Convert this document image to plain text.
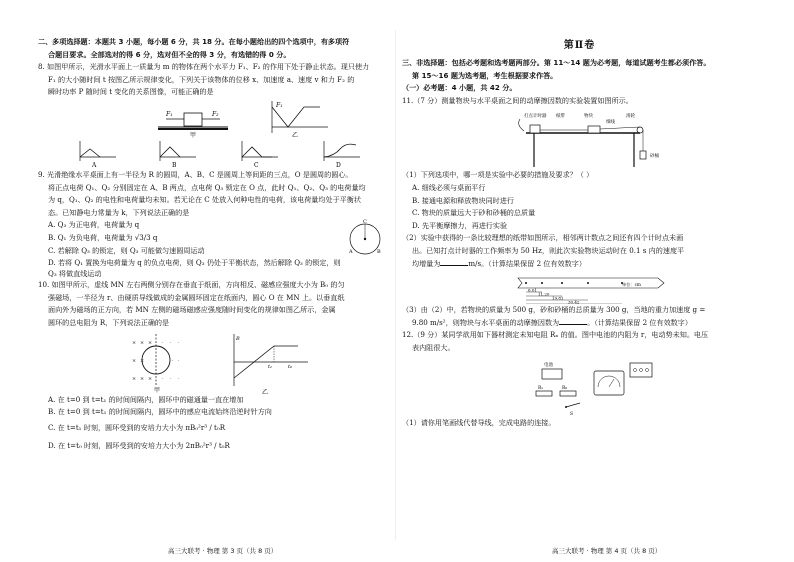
二、多项选择题：本题共 3 小题，每小题 6 分，共 18 分。在每小题给出的四个选项中，有多项符

合题目要求。全部选对的得 6 分，选对但不全的得 3 分，有选错的得 0 分。

8. 如图甲所示，光滑水平面上一质量为 m 的物体在两个水平力 F₁、F₂ 的作用下处于静止状态。现只使力

F₁ 的大小随时间 t 按图乙所示规律变化，下列关于该物体的位移 x、加速度 a、速度 v 和力 F₂ 的

瞬时功率 P 随时间 t 变化的关系图像，可能正确的是

F₁	F₂
甲
F₁
乙
A	B	C	D

9. 光滑绝缘水平桌面上有一半径为 R 的圆周，A、B、C 是圆周上等间距的三点，O 是圆周的圆心。

将正点电荷 Q₁、Q₂ 分别固定在 A、B 两点，点电荷 Q₃ 锁定在 O 点，此时 Q₁、Q₂、Q₃ 的电荷量均

为 q，Q₁、Q₂ 的电性和电荷量均未知。若无论在 C 处放入何种电性的电荷，该电荷量均处于平衡状

态。已知静电力常量为 k，下列说法正确的是

A. Q₃ 为正电荷，电荷量为 q

B. Q₁ 为负电荷，电荷量为 √3/3 q

C. 若解除 Q₃ 的锁定，则 Q₃ 可能做匀速圆周运动

D. 若将 Q₁ 置换为电荷量为 q 的负点电荷，则 Q₃ 仍处于平衡状态，然后解除 Q₃ 的锁定，则 Q₃ 将做直线运动

C
A	B

10. 如图甲所示，虚线 MN 左右两侧分别存在垂直于纸面，方向相反、磁感应强度大小为 B₀ 的匀

强磁场，一半径为 r、由硬质导线做成的金属圆环固定在纸面内，圆心 O 在 MN 上。以垂直纸

面向外为磁场的正方向，若 MN 左侧的磁场磁感应强度随时间变化的规律如图乙所示，金属

圆环的总电阻为 R，下列说法正确的是

× × × · · ·
× ×	· ·
× × × · · ·
甲
B
t₁	t₀
乙

A. 在 t=0 到 t=t₁ 的时间间隔内，圆环中的磁通量一直在增加

B. 在 t=0 到 t=t₁ 的时间间隔内，圆环中的感应电流始终沿逆时针方向

C. 在 t=t₁ 时刻，圆环受到的安培力大小为 πB₀²r³ / t₀R

D. 在 t=t₀ 时刻，圆环受到的安培力大小为 2πB₀²r³ / t₀R

高三大联考 · 物理 第 3 页（共 8 页）
第Ⅱ卷

三、非选择题：包括必考题和选考题两部分。第 11～14 题为必考题，每道试题考生都必须作答。

第 15～16 题为选考题，考生根据要求作答。

（一）必考题：4 小题，共 42 分。

11.（7 分）测量物块与水平桌面之间的动摩擦因数的实验装置如图所示。

打点计时器 纸带	物块	滑轮
细线
砂桶

（1）下列选项中，哪一项是实验中必要的措施及要求？（ ）

A. 细线必须与桌面平行

B. 接通电源和释放物块同时进行

C. 物块的质量远大于砂和砂桶的总质量

D. 先平衡摩擦力，再进行实验

（2）实验中获得的一条比较理想的纸带如图所示，相邻两计数点之间还有四个计时点未画

出。已知打点计时器的工作频率为 50 Hz，则此次实验物块运动时在 0.1 s 内的速度平

均增量为	m/s。（计算结果保留 2 位有效数字）

单位：cm
6.01
11.20
19.81
30.42

（3）由（2）中，若物块的质量为 500 g，砂和砂桶的总质量为 300 g，当地的重力加速度 g =

9.80 m/s²，则物块与水平桌面的动摩擦因数为	。（计算结果保留 2 位有效数字）

12.（9 分）某同学欲用如下器材测定未知电阻 Rₓ 的值。图中电池的内阻为 r，电动势未知。电压

表内阻很大。

电池
Rₓ	R₀
S

（1）请你用笔画线代替导线，完成电路的连接。

高三大联考 · 物理 第 4 页（共 8 页）
